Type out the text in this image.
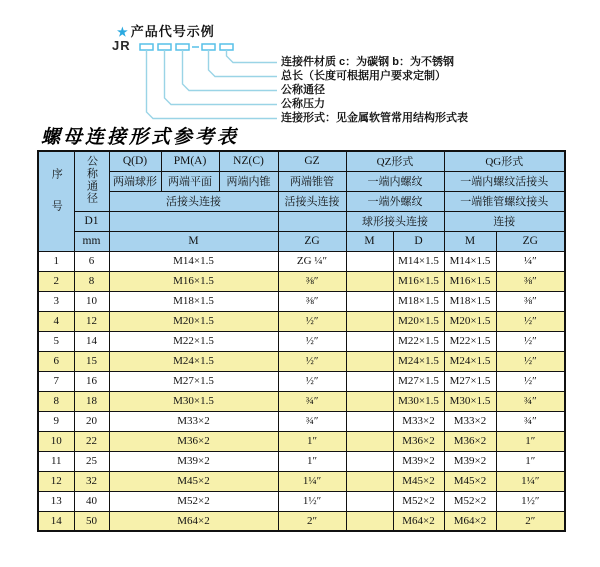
★ 产品代号示例
JR
连接件材质 c：为碳钢 b：为不锈钢
总长（长度可根据用户要求定制）
公称通径
公称压力
连接形式：见金属软管常用结构形式表
螺母连接形式参考表
序号	公称通径	Q(D)	PM(A)	NZ(C)	GZ	QZ形式		QG形式	
		两端球形	两端平面	两端内锥	两端锥管	一端内螺纹		一端内螺纹活接头	
		活接头连接			活接头连接	一端外螺纹		一端锥管螺纹接头	
	D1					球形接头连接		连接	
	mm	M			ZG	M	D	M	ZG
1	6	M14×1.5			ZG ¼″		M14×1.5	M14×1.5	¼″
2	8	M16×1.5			⅜″		M16×1.5	M16×1.5	⅜″
3	10	M18×1.5			⅜″		M18×1.5	M18×1.5	⅜″
4	12	M20×1.5			½″		M20×1.5	M20×1.5	½″
5	14	M22×1.5			½″		M22×1.5	M22×1.5	½″
6	15	M24×1.5			½″		M24×1.5	M24×1.5	½″
7	16	M27×1.5			½″		M27×1.5	M27×1.5	½″
8	18	M30×1.5			¾″		M30×1.5	M30×1.5	¾″
9	20	M33×2			¾″		M33×2	M33×2	¾″
10	22	M36×2			1″		M36×2	M36×2	1″
11	25	M39×2			1″		M39×2	M39×2	1″
12	32	M45×2			1¼″		M45×2	M45×2	1¼″
13	40	M52×2			1½″		M52×2	M52×2	1½″
14	50	M64×2			2″		M64×2	M64×2	2″
